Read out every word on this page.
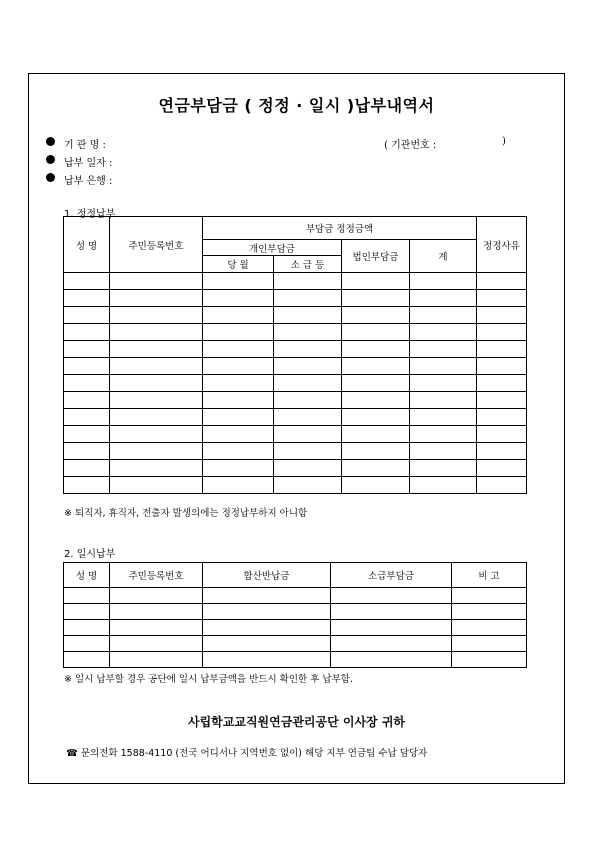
연금부담금 ( 정정 · 일시 )납부내역서
기 관 명 :	( 기관번호 :	)
납부 일자 :
납부 은행 :
1. 정정납부
성 명	주민등록번호	부담금 정정금액				정정사유
		개인부담금		법인부담금	계	
		당 월	소 급 등			

※ 퇴직자, 휴직자, 전출자 발생의에는 정정납부하지 아니함
2. 일시납부
성 명	주민등록번호	합산반납금	소급부담금	비 고

※ 일시 납부할 경우 공단에 일시 납부금액을 반드시 확인한 후 납부함.
사립학교교직원연금관리공단 이사장 귀하
☎ 문의전화 1588-4110 (전국 어디서나 지역번호 없이) 해당 지부 연금팀 수납 담당자
